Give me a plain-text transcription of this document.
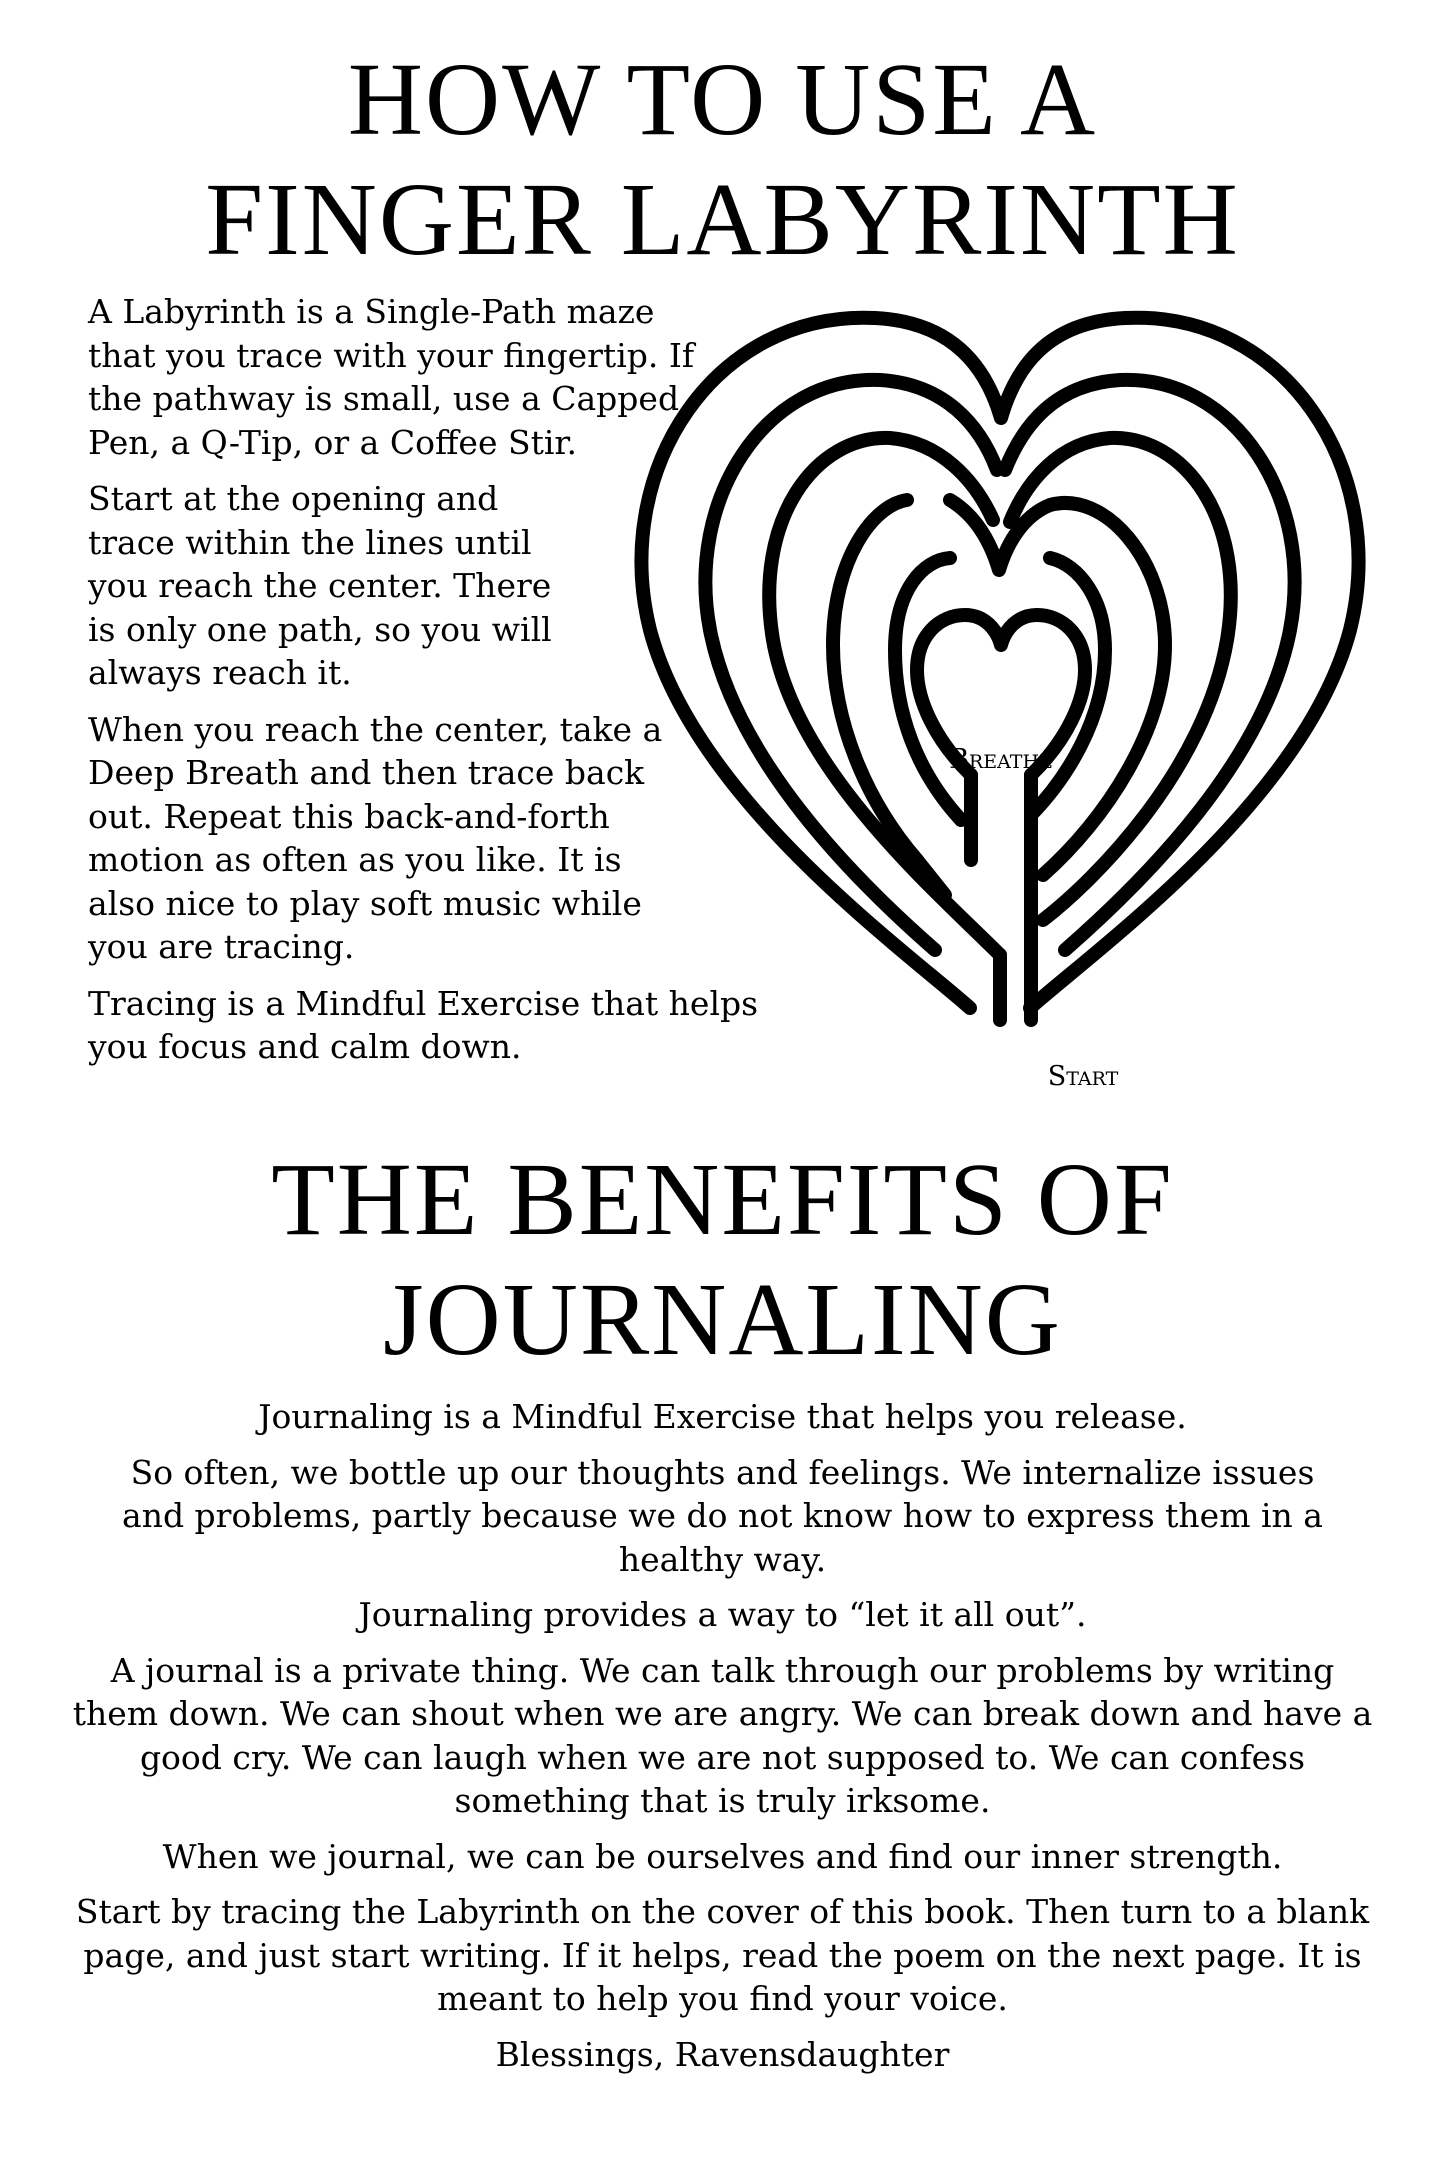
HOW TO USE A
FINGER LABYRINTH

A Labyrinth is a Single-Path maze that you trace with your fingertip. If the pathway is small, use a Capped Pen, a Q-Tip, or a Coffee Stir.

Start at the opening and trace within the lines until you reach the center. There is only one path, so you will always reach it.

When you reach the center, take a Deep Breath and then trace back out. Repeat this back-and-forth motion as often as you like. It is also nice to play soft music while you are tracing.

Tracing is a Mindful Exercise that helps you focus and calm down.

Breathe
Start
THE BENEFITS OF
JOURNALING

Journaling is a Mindful Exercise that helps you release.

So often, we bottle up our thoughts and feelings. We internalize issues and problems, partly because we do not know how to express them in a healthy way.

Journaling provides a way to “let it all out”.

A journal is a private thing. We can talk through our problems by writing them down. We can shout when we are angry. We can break down and have a good cry. We can laugh when we are not supposed to. We can confess something that is truly irksome.

When we journal, we can be ourselves and find our inner strength.

Start by tracing the Labyrinth on the cover of this book. Then turn to a blank page, and just start writing. If it helps, read the poem on the next page. It is meant to help you find your voice.

Blessings, Ravensdaughter
